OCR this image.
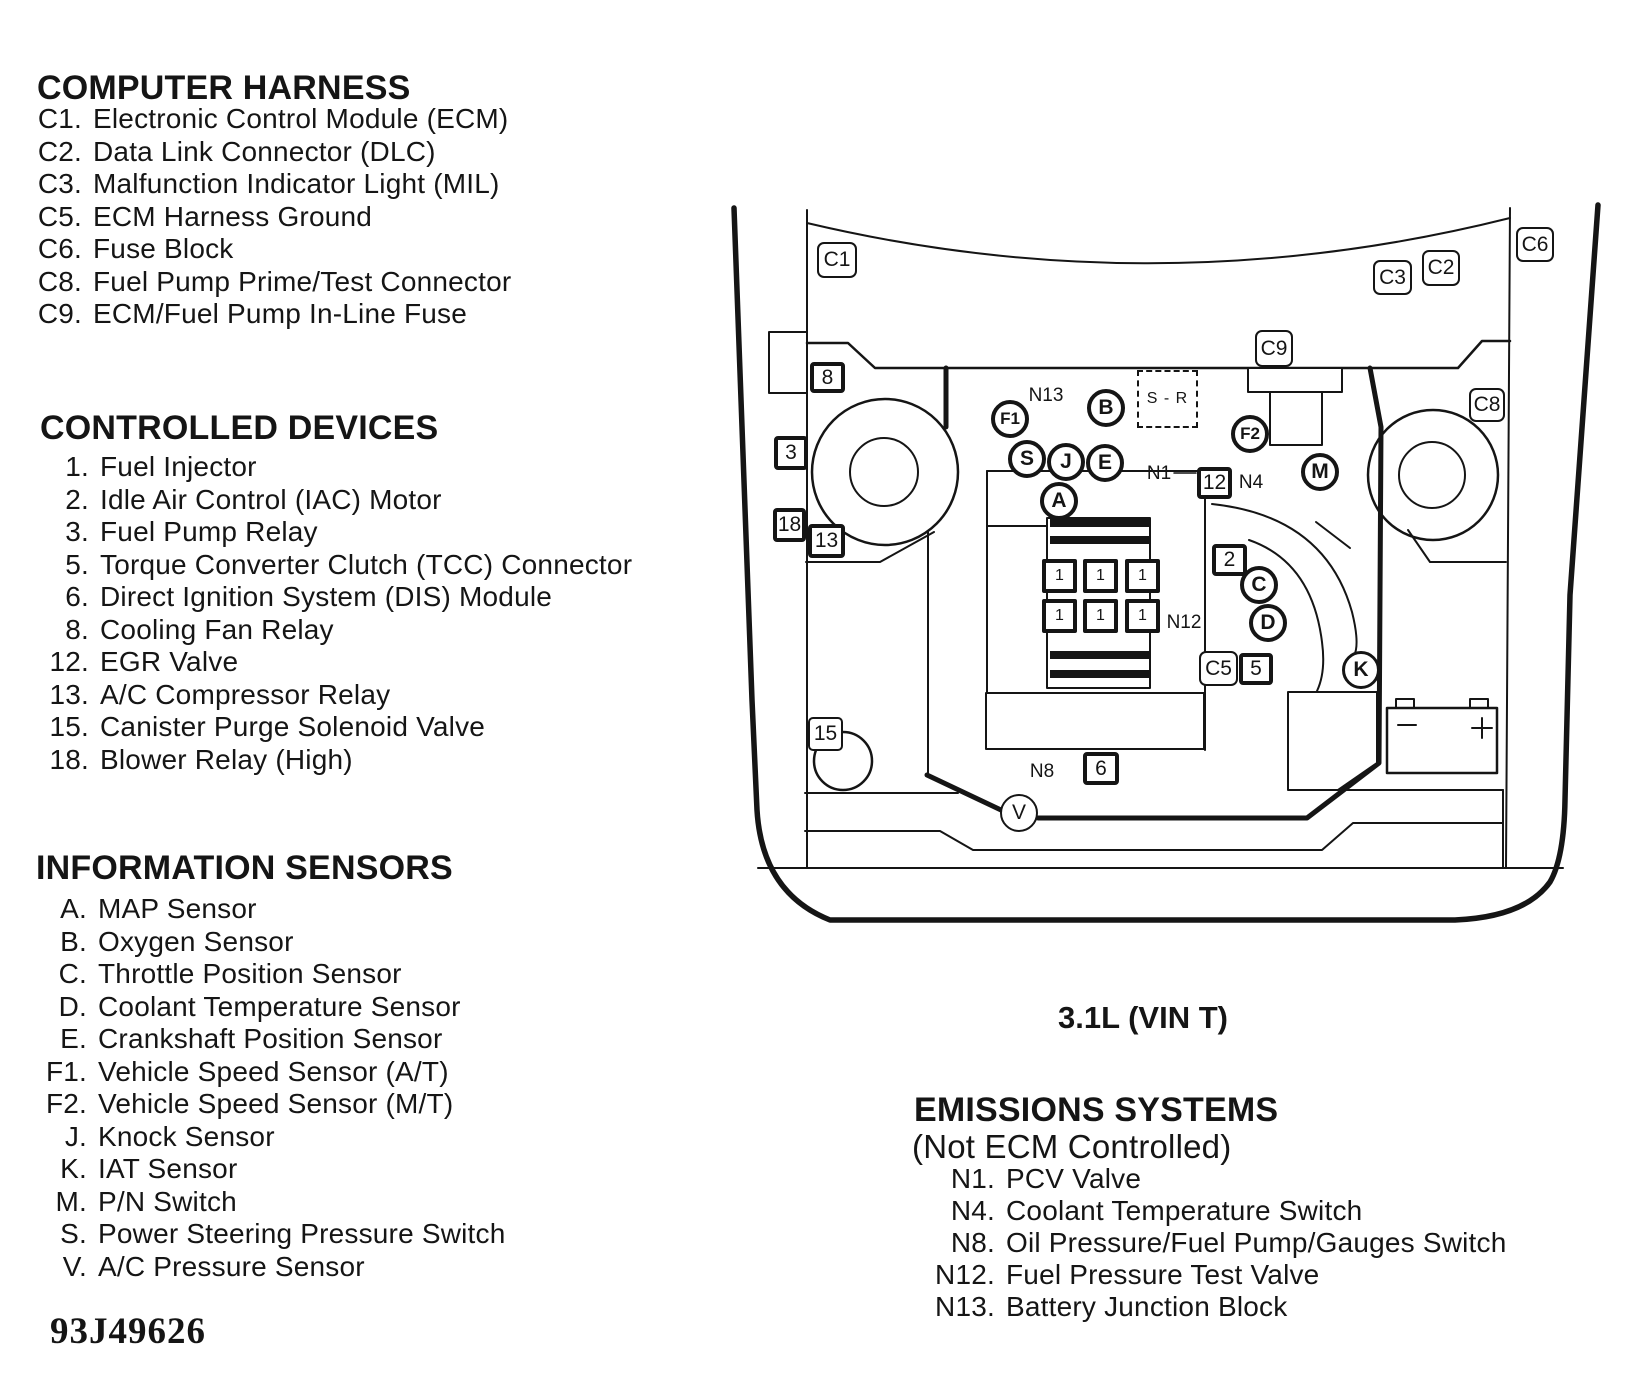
C1
C3 C2
C6
C9
C8
C5
8
3
18
13
15
12
2
5
6
1	1	1
1	1	1
A
B
F1
F2
S	J	E	M
C
D
K
V
N13
N1	N4
N12
N8
S - R
COMPUTER HARNESS
C1. Electronic Control Module (ECM)
C2. Data Link Connector (DLC)
C3. Malfunction Indicator Light (MIL)
C5. ECM Harness Ground
C6. Fuse Block
C8. Fuel Pump Prime/Test Connector
C9. ECM/Fuel Pump In-Line Fuse
CONTROLLED DEVICES
1. Fuel Injector
2. Idle Air Control (IAC) Motor
3. Fuel Pump Relay
5. Torque Converter Clutch (TCC) Connector
6. Direct Ignition System (DIS) Module
8. Cooling Fan Relay
12. EGR Valve
13. A/C Compressor Relay
15. Canister Purge Solenoid Valve
18. Blower Relay (High)
INFORMATION SENSORS
A. MAP Sensor
B. Oxygen Sensor
C. Throttle Position Sensor
D. Coolant Temperature Sensor
E. Crankshaft Position Sensor
F1. Vehicle Speed Sensor (A/T)
F2. Vehicle Speed Sensor (M/T)
J. Knock Sensor
K. IAT Sensor
M. P/N Switch
S. Power Steering Pressure Switch
V. A/C Pressure Sensor
93J49626
3.1L (VIN T)
EMISSIONS SYSTEMS
(Not ECM Controlled)
N1. PCV Valve
N4. Coolant Temperature Switch
N8. Oil Pressure/Fuel Pump/Gauges Switch
N12. Fuel Pressure Test Valve
N13. Battery Junction Block
